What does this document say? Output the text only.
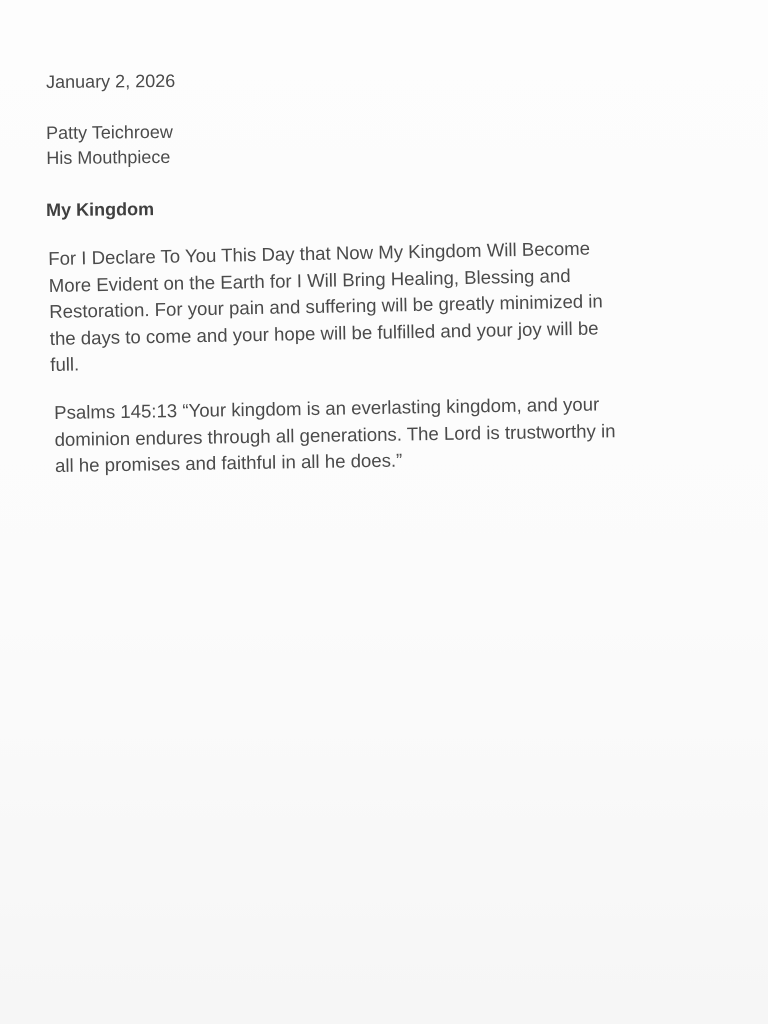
January 2, 2026
Patty Teichroew
His Mouthpiece
My Kingdom
For I Declare To You This Day that Now My Kingdom Will Become
More Evident on the Earth for I Will Bring Healing, Blessing and
Restoration. For your pain and suffering will be greatly minimized in
the days to come and your hope will be fulfilled and your joy will be
full.
Psalms 145:13 “Your kingdom is an everlasting kingdom, and your
dominion endures through all generations. The Lord is trustworthy in
all he promises and faithful in all he does.”
